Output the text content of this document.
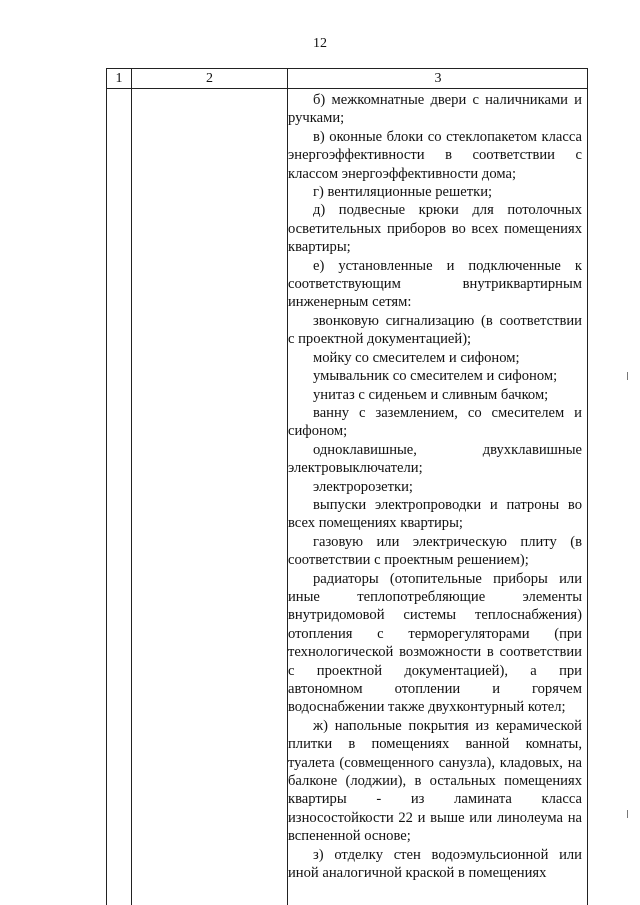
12
1	2	3

б) межкомнатные двери с наличниками и ручками;

в) оконные блоки со стеклопакетом класса энергоэффективности в соответствии с классом энергоэффективности дома;

г) вентиляционные решетки;

д) подвесные крюки для потолочных осветительных приборов во всех помещениях квартиры;

е) установленные и подключенные к соответствующим внутриквартирным инженерным сетям:

звонковую сигнализацию (в соответствии с проектной документацией);

мойку со смесителем и сифоном;

умывальник со смесителем и сифоном;

унитаз с сиденьем и сливным бачком;

ванну с заземлением, со смесителем и сифоном;

одноклавишные, двухклавишные электровыключатели;

электророзетки;

выпуски электропроводки и патроны во всех помещениях квартиры;

газовую или электрическую плиту (в соответствии с проектным решением);

радиаторы (отопительные приборы или иные теплопотребляющие элементы внутридомовой системы теплоснабжения) отопления с терморегуляторами (при технологической возможности в соответствии с проектной документацией), а при автономном отоплении и горячем водоснабжении также двухконтурный котел;

ж) напольные покрытия из керамической плитки в помещениях ванной комнаты, туалета (совмещенного санузла), кладовых, на балконе (лоджии), в остальных помещениях квартиры - из ламината класса износостойкости 22 и выше или линолеума на вспененной основе;

з) отделку стен водоэмульсионной или иной аналогичной краской в помещениях
